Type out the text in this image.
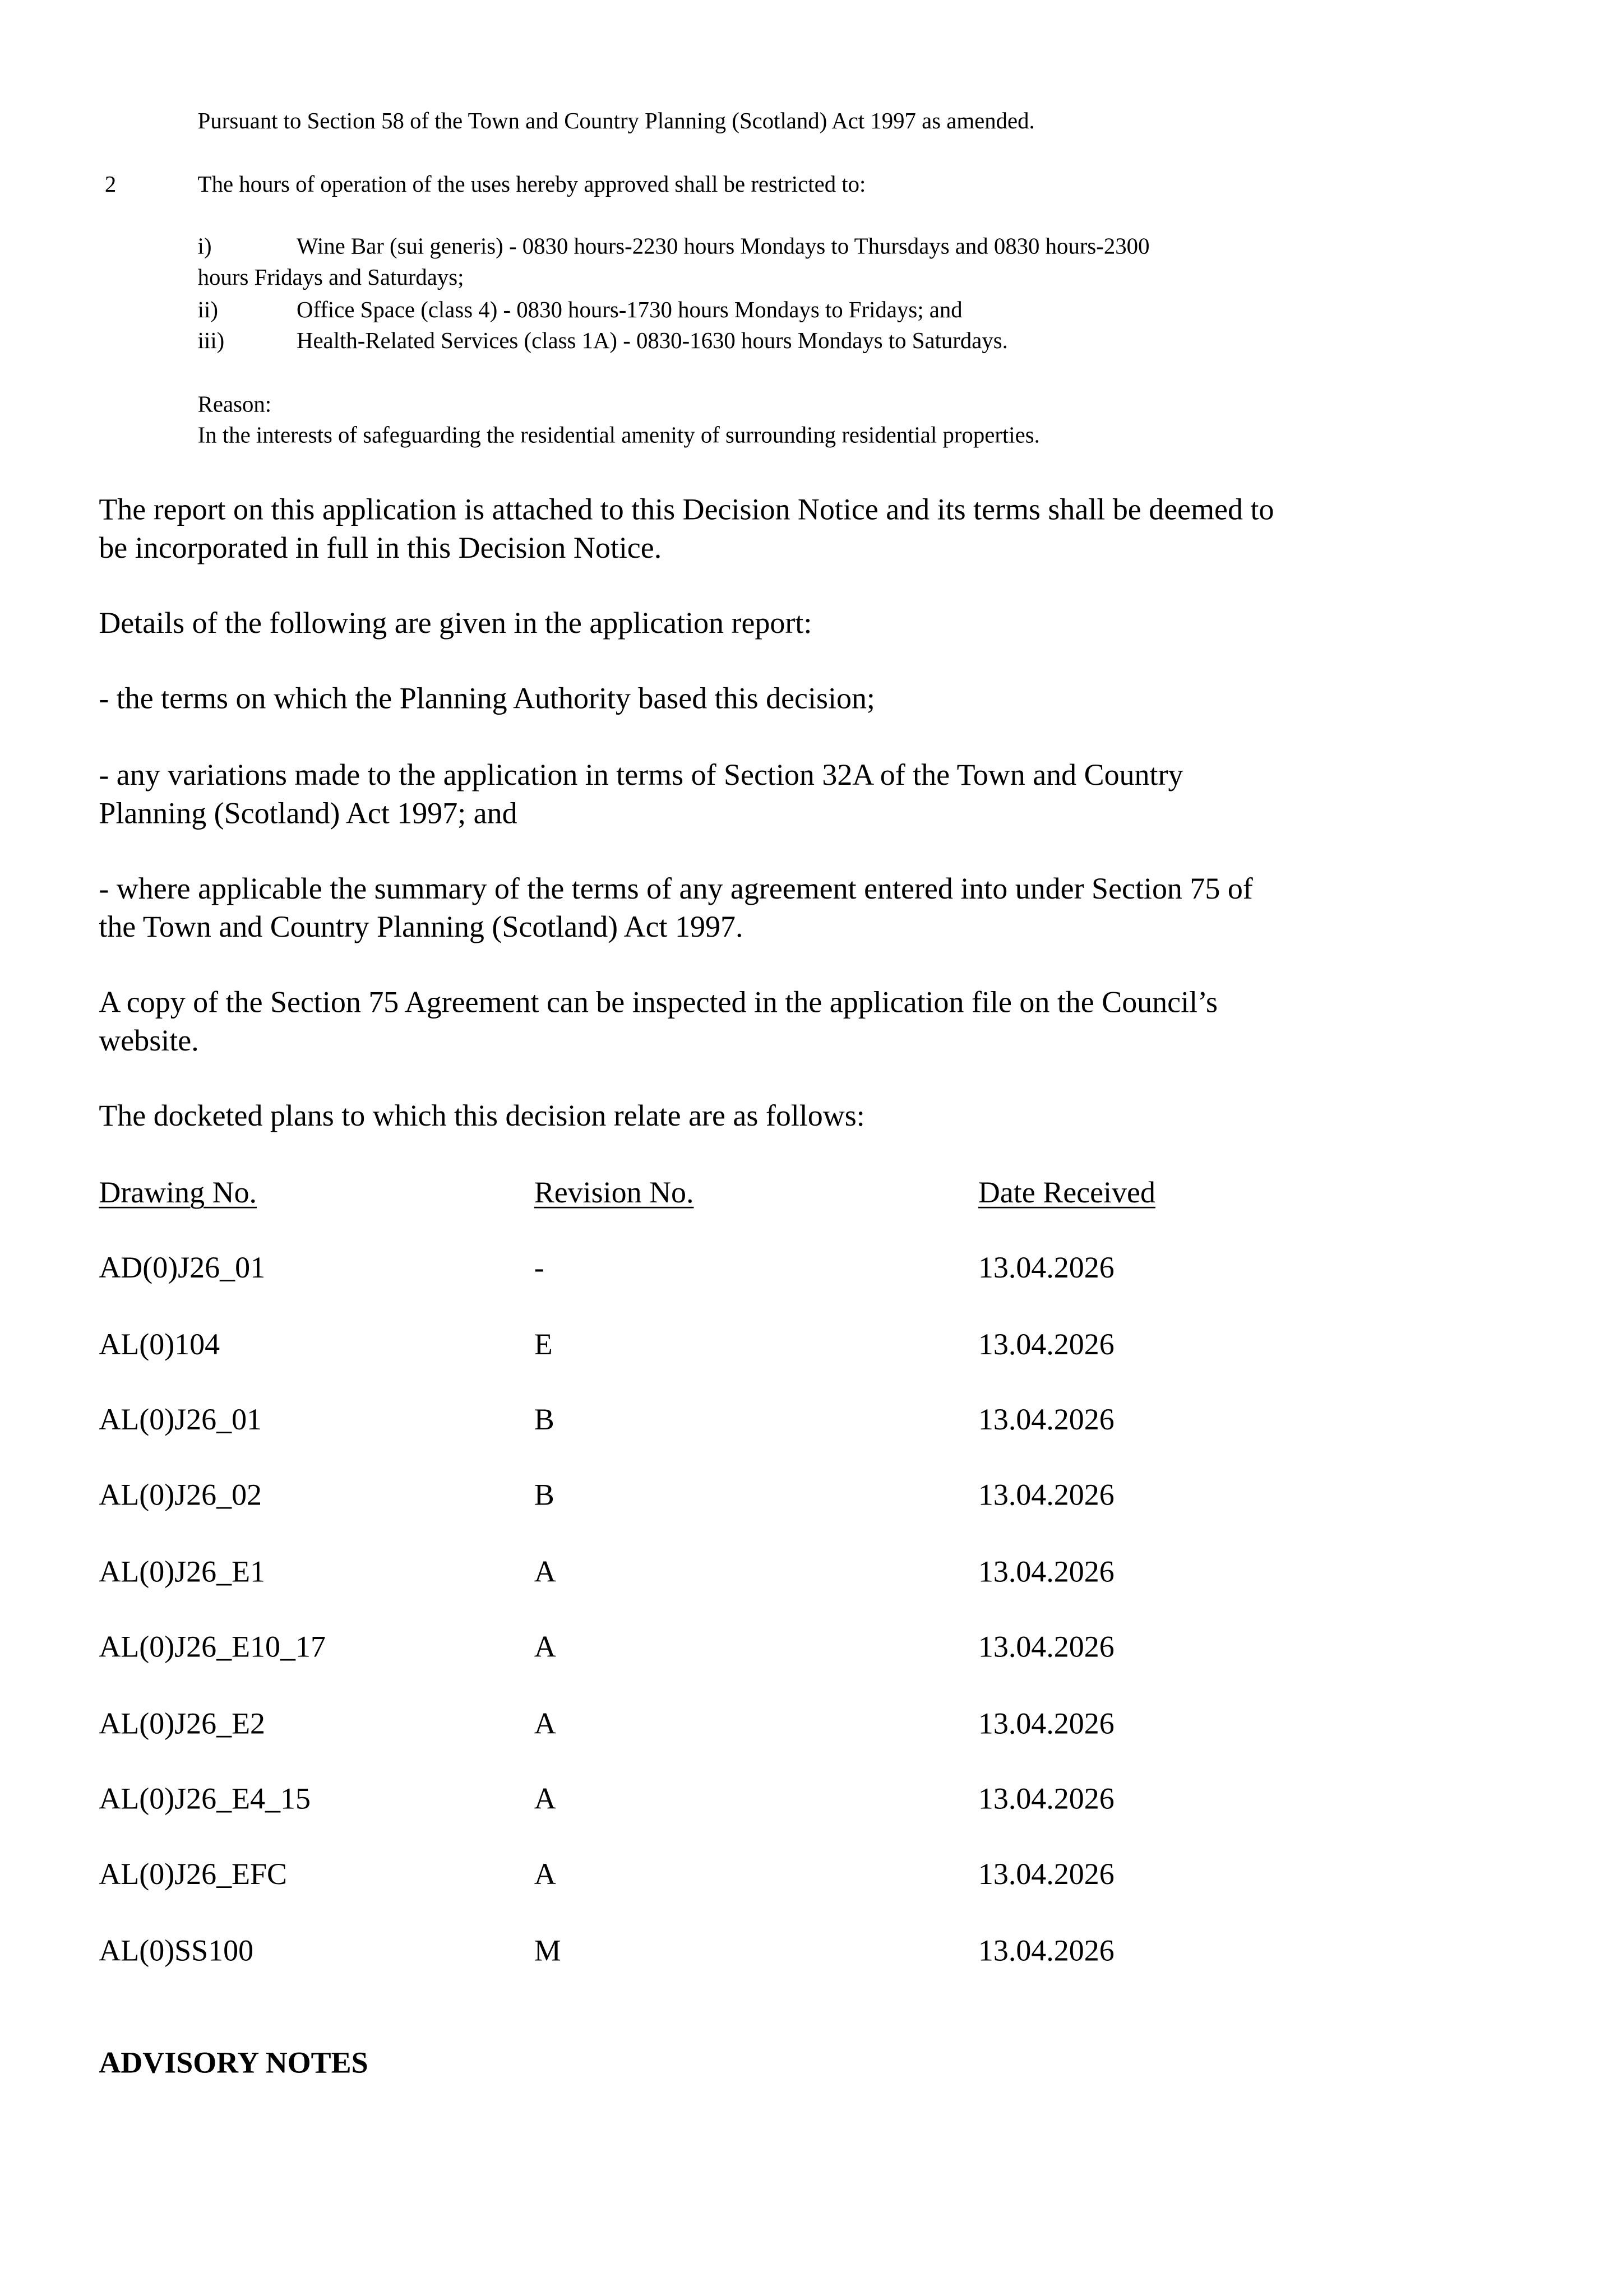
Pursuant to Section 58 of the Town and Country Planning (Scotland) Act 1997 as amended.
2	The hours of operation of the uses hereby approved shall be restricted to:
i)	Wine Bar (sui generis) - 0830 hours-2230 hours Mondays to Thursdays and 0830 hours-2300
hours Fridays and Saturdays;
ii)	Office Space (class 4) - 0830 hours-1730 hours Mondays to Fridays; and
iii)	Health-Related Services (class 1A) - 0830-1630 hours Mondays to Saturdays.
Reason:
In the interests of safeguarding the residential amenity of surrounding residential properties.
The report on this application is attached to this Decision Notice and its terms shall be deemed to
be incorporated in full in this Decision Notice.
Details of the following are given in the application report:
- the terms on which the Planning Authority based this decision;
- any variations made to the application in terms of Section 32A of the Town and Country
Planning (Scotland) Act 1997; and
- where applicable the summary of the terms of any agreement entered into under Section 75 of
the Town and Country Planning (Scotland) Act 1997.
A copy of the Section 75 Agreement can be inspected in the application file on the Council’s
website.
The docketed plans to which this decision relate are as follows:
Drawing No.	Revision No.	Date Received
AD(0)J26_01	-	13.04.2026
AL(0)104	E	13.04.2026
AL(0)J26_01	B	13.04.2026
AL(0)J26_02	B	13.04.2026
AL(0)J26_E1	A	13.04.2026
AL(0)J26_E10_17	A	13.04.2026
AL(0)J26_E2	A	13.04.2026
AL(0)J26_E4_15	A	13.04.2026
AL(0)J26_EFC	A	13.04.2026
AL(0)SS100	M	13.04.2026
ADVISORY NOTES
